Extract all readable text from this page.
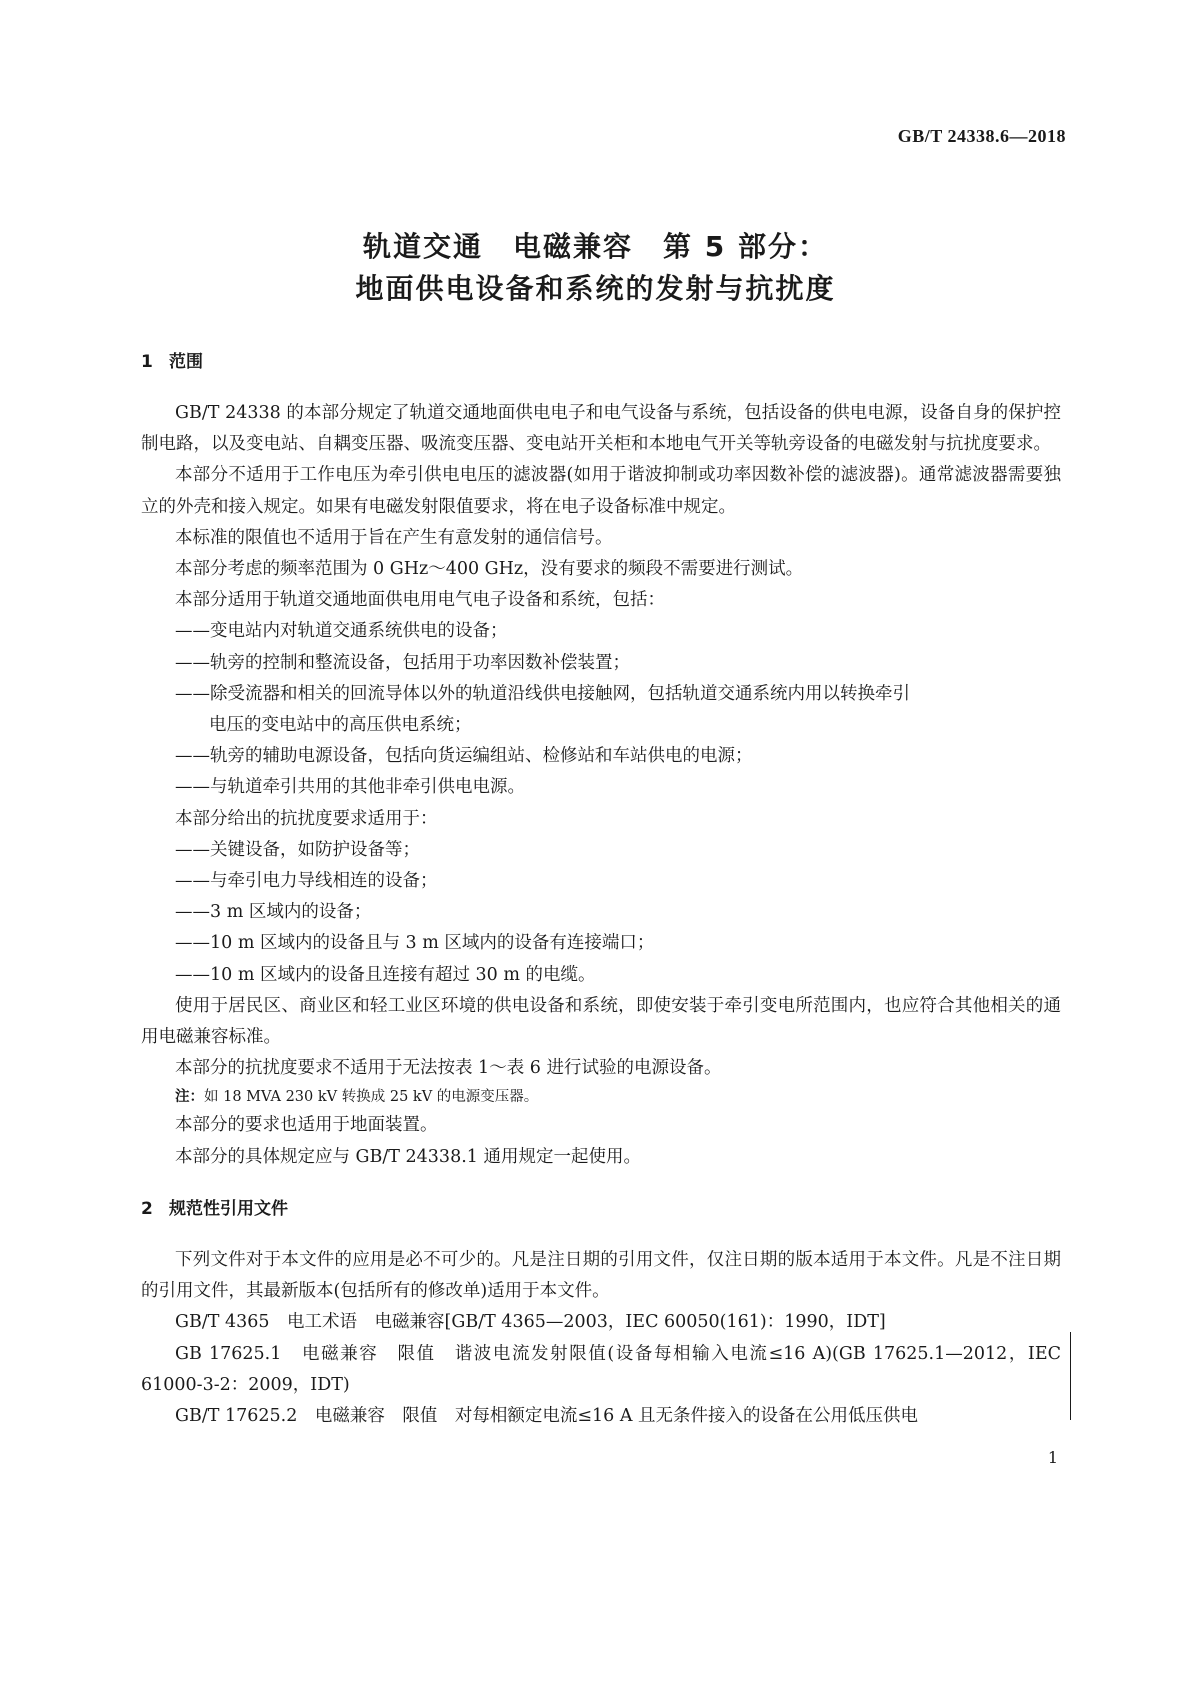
GB/T 24338.6—2018
轨道交通 电磁兼容 第 5 部分：
地面供电设备和系统的发射与抗扰度
1 范围

GB/T 24338 的本部分规定了轨道交通地面供电电子和电气设备与系统，包括设备的供电电源，设备自身的保护控制电路，以及变电站、自耦变压器、吸流变压器、变电站开关柜和本地电气开关等轨旁设备的电磁发射与抗扰度要求。

本部分不适用于工作电压为牵引供电电压的滤波器(如用于谐波抑制或功率因数补偿的滤波器)。通常滤波器需要独立的外壳和接入规定。如果有电磁发射限值要求，将在电子设备标准中规定。

本标准的限值也不适用于旨在产生有意发射的通信信号。

本部分考虑的频率范围为 0 GHz～400 GHz，没有要求的频段不需要进行测试。

本部分适用于轨道交通地面供电用电气电子设备和系统，包括：

——变电站内对轨道交通系统供电的设备；

——轨旁的控制和整流设备，包括用于功率因数补偿装置；

——除受流器和相关的回流导体以外的轨道沿线供电接触网，包括轨道交通系统内用以转换牵引

电压的变电站中的高压供电系统；

——轨旁的辅助电源设备，包括向货运编组站、检修站和车站供电的电源；

——与轨道牵引共用的其他非牵引供电电源。

本部分给出的抗扰度要求适用于：

——关键设备，如防护设备等；

——与牵引电力导线相连的设备；

——3 m 区域内的设备；

——10 m 区域内的设备且与 3 m 区域内的设备有连接端口；

——10 m 区域内的设备且连接有超过 30 m 的电缆。

使用于居民区、商业区和轻工业区环境的供电设备和系统，即使安装于牵引变电所范围内，也应符合其他相关的通用电磁兼容标准。

本部分的抗扰度要求不适用于无法按表 1～表 6 进行试验的电源设备。

注：如 18 MVA 230 kV 转换成 25 kV 的电源变压器。

本部分的要求也适用于地面装置。

本部分的具体规定应与 GB/T 24338.1 通用规定一起使用。

2 规范性引用文件

下列文件对于本文件的应用是必不可少的。凡是注日期的引用文件，仅注日期的版本适用于本文件。凡是不注日期的引用文件，其最新版本(包括所有的修改单)适用于本文件。

GB/T 4365　电工术语　电磁兼容[GB/T 4365—2003，IEC 60050(161)：1990，IDT]

GB 17625.1　电磁兼容　限值　谐波电流发射限值(设备每相输入电流≤16 A)(GB 17625.1—2012，IEC 61000-3-2：2009，IDT)

GB/T 17625.2　电磁兼容　限值　对每相额定电流≤16 A 且无条件接入的设备在公用低压供电

1
